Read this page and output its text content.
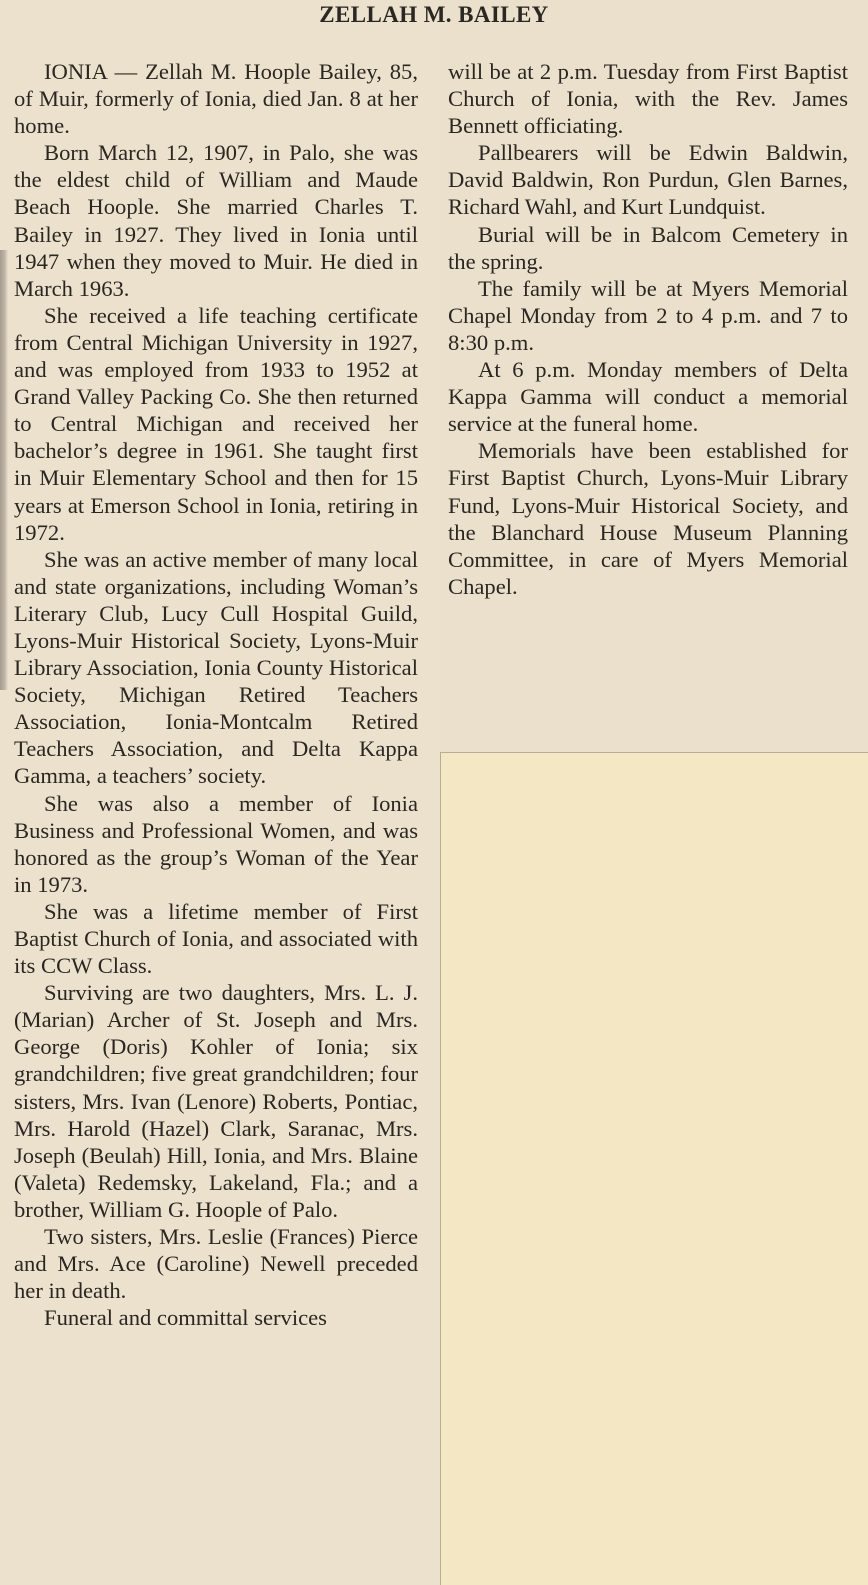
ZELLAH M. BAILEY

IONIA — Zellah M. Hoople Bailey, 85, of Muir, formerly of Ionia, died Jan. 8 at her home.

Born March 12, 1907, in Palo, she was the eldest child of William and Maude Beach Hoople. She married Charles T. Bailey in 1927. They lived in Ionia until 1947 when they moved to Muir. He died in March 1963.

She received a life teaching certificate from Central Michigan University in 1927, and was employed from 1933 to 1952 at Grand Valley Packing Co. She then returned to Central Michigan and received her bachelor’s degree in 1961. She taught first in Muir Elementary School and then for 15 years at Emerson School in Ionia, retiring in 1972.

She was an active member of many local and state organizations, including Woman’s Literary Club, Lucy Cull Hospital Guild, Lyons-Muir Historical Society, Lyons-Muir Library Association, Ionia County Historical Society, Michigan Retired Teachers Association, Ionia-Montcalm Retired Teachers Association, and Delta Kappa Gamma, a teachers’ society.

She was also a member of Ionia Business and Professional Women, and was honored as the group’s Woman of the Year in 1973.

She was a lifetime member of First Baptist Church of Ionia, and associated with its CCW Class.

Surviving are two daughters, Mrs. L. J. (Marian) Archer of St. Joseph and Mrs. George (Doris) Kohler of Ionia; six grandchildren; five great grandchildren; four sisters, Mrs. Ivan (Lenore) Roberts, Pontiac, Mrs. Harold (Hazel) Clark, Saranac, Mrs. Joseph (Beulah) Hill, Ionia, and Mrs. Blaine (Valeta) Redemsky, Lakeland, Fla.; and a brother, William G. Hoople of Palo.

Two sisters, Mrs. Leslie (Frances) Pierce and Mrs. Ace (Caroline) Newell preceded her in death.

Funeral and committal services

will be at 2 p.m. Tuesday from First Baptist Church of Ionia, with the Rev. James Bennett officiating.

Pallbearers will be Edwin Baldwin, David Baldwin, Ron Purdun, Glen Barnes, Richard Wahl, and Kurt Lundquist.

Burial will be in Balcom Cemetery in the spring.

The family will be at Myers Memorial Chapel Monday from 2 to 4 p.m. and 7 to 8:30 p.m.

At 6 p.m. Monday members of Delta Kappa Gamma will conduct a memorial service at the funeral home.

Memorials have been established for First Baptist Church, Lyons-Muir Library Fund, Lyons-Muir Historical Society, and the Blanchard House Museum Planning Committee, in care of Myers Memorial Chapel.
